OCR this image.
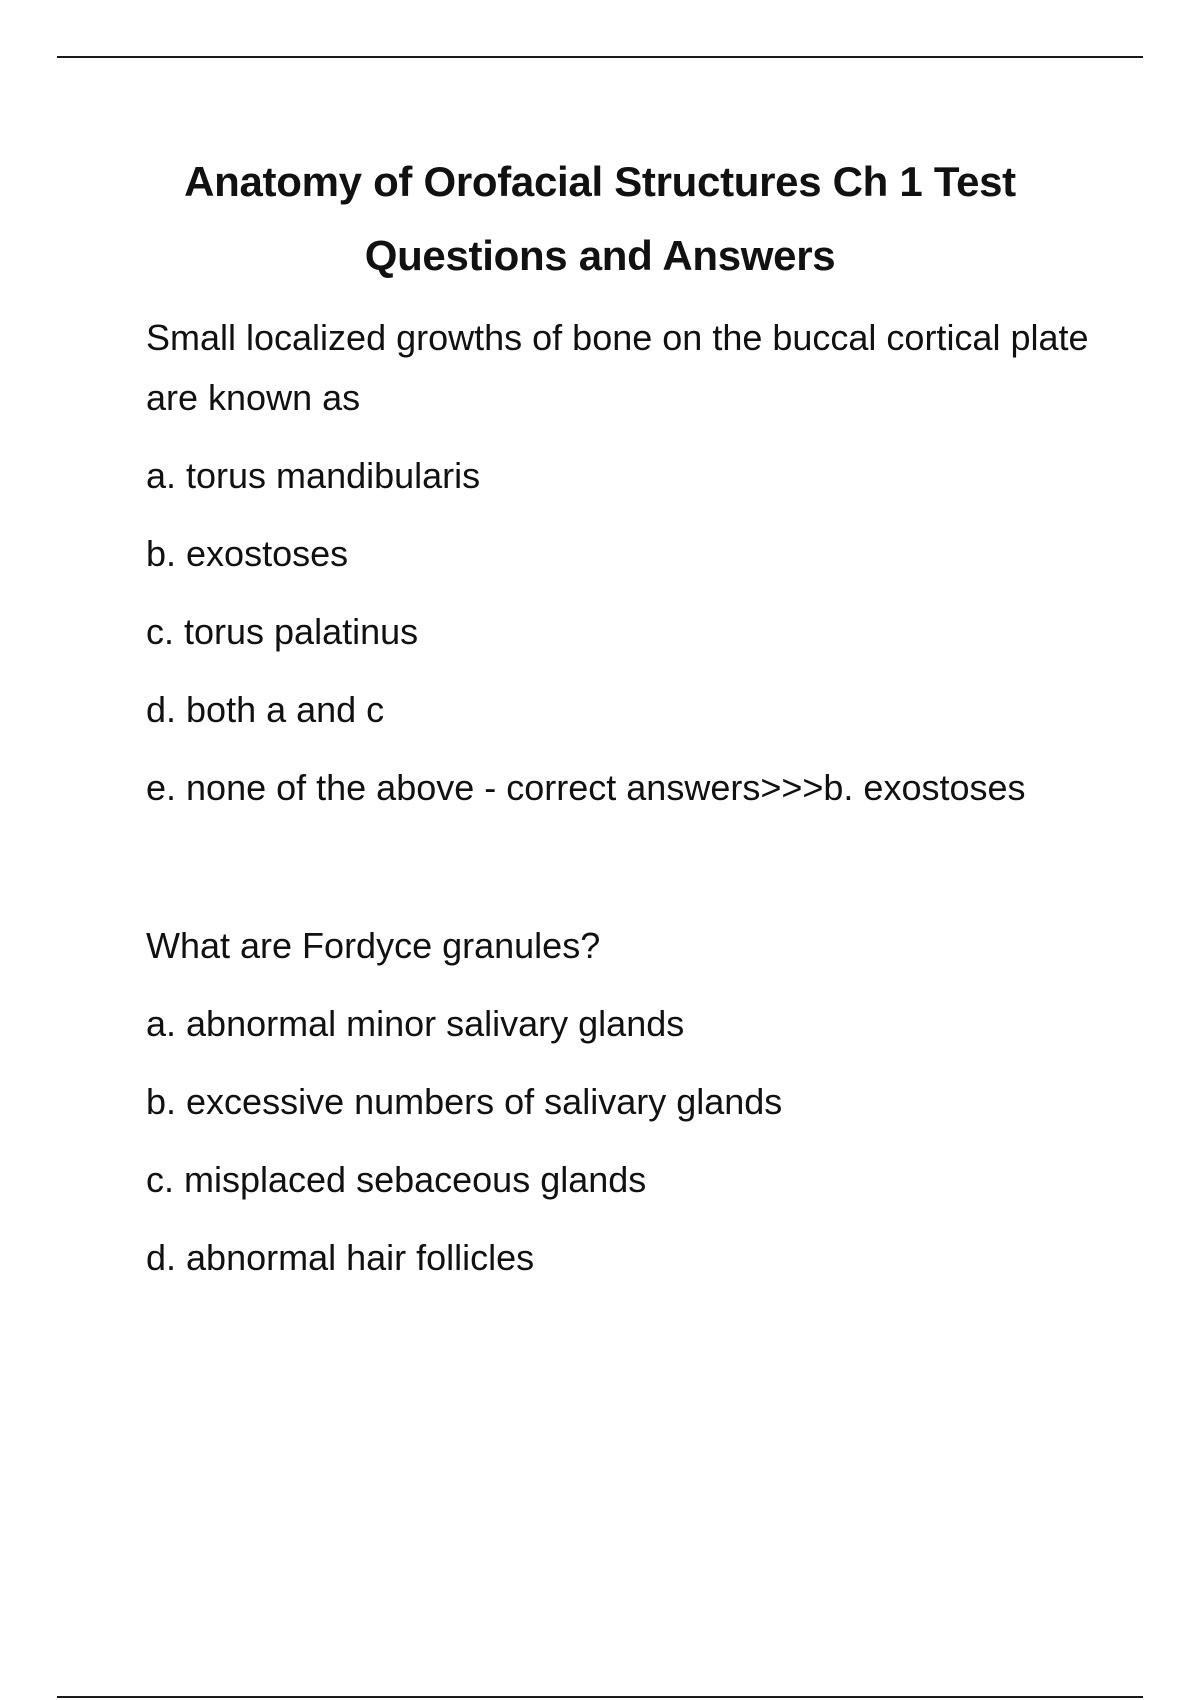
Anatomy of Orofacial Structures Ch 1 Test
Questions and Answers

Small localized growths of bone on the buccal cortical plate are known as

a. torus mandibularis

b. exostoses

c. torus palatinus

d. both a and c

e. none of the above - correct answers>>>b. exostoses

What are Fordyce granules?

a. abnormal minor salivary glands

b. excessive numbers of salivary glands

c. misplaced sebaceous glands

d. abnormal hair follicles
